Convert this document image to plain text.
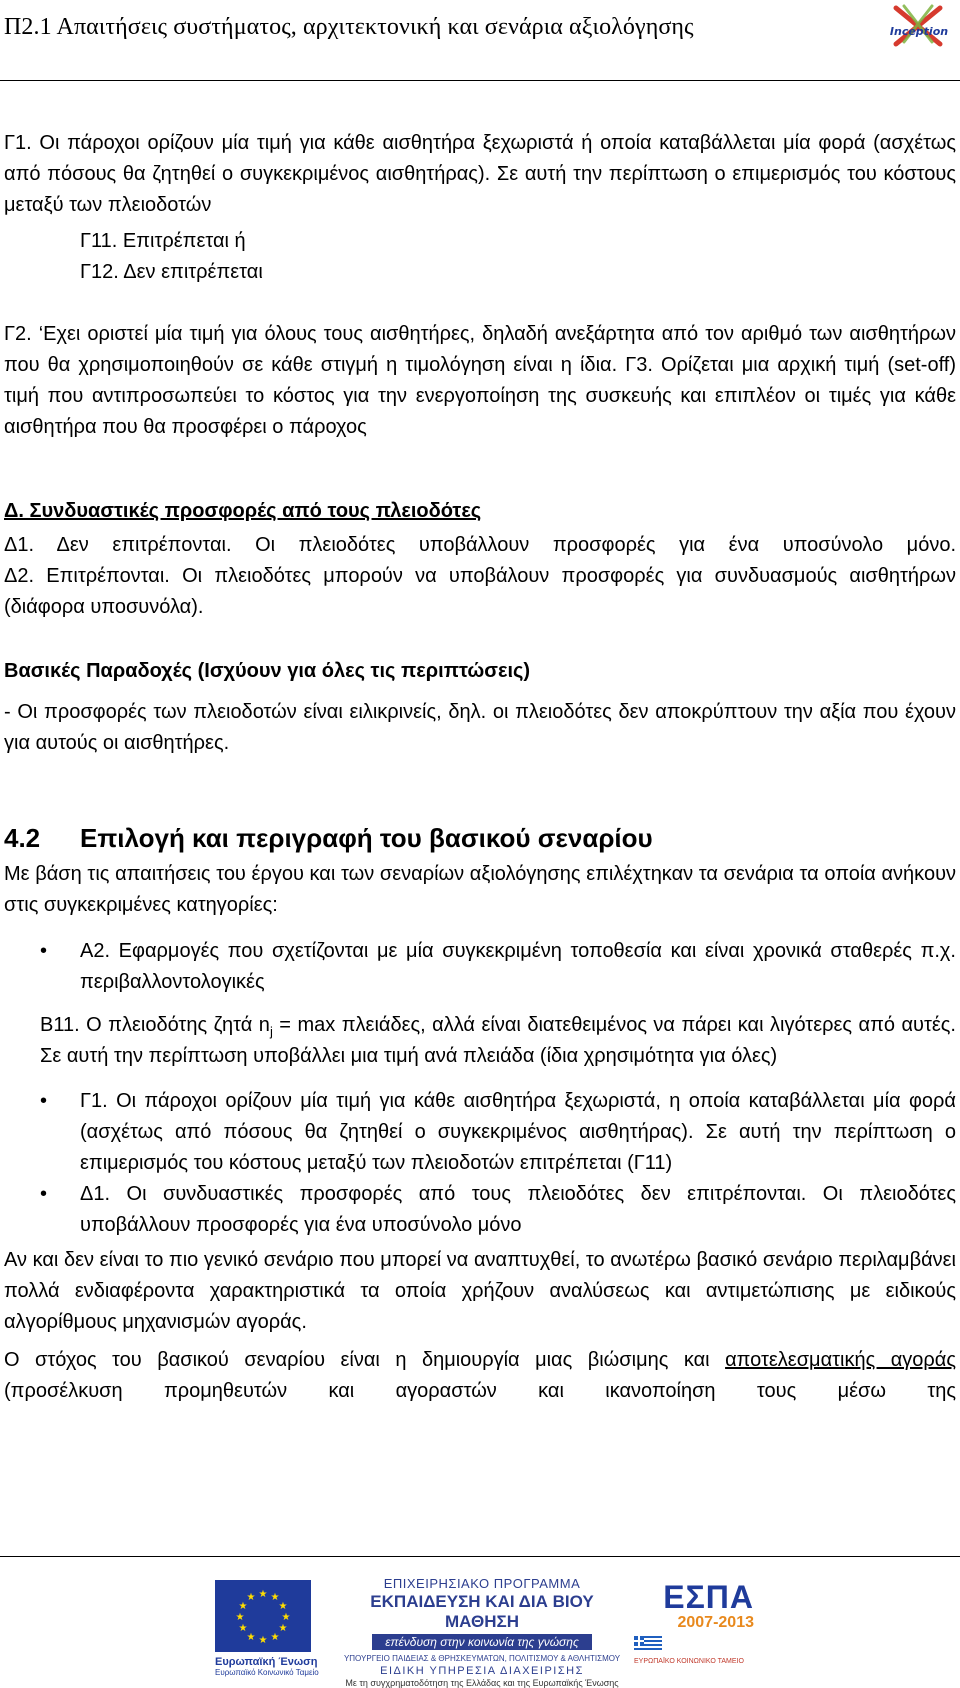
Π2.1 Απαιτήσεις συστήματος, αρχιτεκτονική και σενάρια αξιολόγησης	Inception

Γ1. Οι πάροχοι ορίζουν μία τιμή για κάθε αισθητήρα ξεχωριστά ή οποία καταβάλλεται μία φορά (ασχέτως από πόσους θα ζητηθεί ο συγκεκριμένος αισθητήρας). Σε αυτή την περίπτωση ο επιμερισμός του κόστους μεταξύ των πλειοδοτών

Γ11. Επιτρέπεται ή

Γ12. Δεν επιτρέπεται

Γ2. ‘Εχει οριστεί μία τιμή για όλους τους αισθητήρες, δηλαδή ανεξάρτητα από τον αριθμό των αισθητήρων που θα χρησιμοποιηθούν σε κάθε στιγμή η τιμολόγηση είναι η ίδια. Γ3. Ορίζεται μια αρχική τιμή (set-off) τιμή που αντιπροσωπεύει το κόστος για την ενεργοποίηση της συσκευής και επιπλέον οι τιμές για κάθε αισθητήρα που θα προσφέρει ο πάροχος

Δ. Συνδυαστικές προσφορές από τους πλειοδότες

Δ1. Δεν επιτρέπονται. Οι πλειοδότες υποβάλλουν προσφορές για ένα υποσύνολο μόνο.

Δ2. Επιτρέπονται. Οι πλειοδότες μπορούν να υποβάλουν προσφορές για συνδυασμούς αισθητήρων (διάφορα υποσυνόλα).

Βασικές Παραδοχές (Ισχύουν για όλες τις περιπτώσεις)

- Οι προσφορές των πλειοδοτών είναι ειλικρινείς, δηλ. οι πλειοδότες δεν αποκρύπτουν την αξία που έχουν για αυτούς οι αισθητήρες.

4.2 Επιλογή και περιγραφή του βασικού σεναρίου

Με βάση τις απαιτήσεις του έργου και των σεναρίων αξιολόγησης επιλέχτηκαν τα σενάρια τα οποία ανήκουν στις συγκεκριμένες κατηγορίες:

• A2. Εφαρμογές που σχετίζονται με μία συγκεκριμένη τοποθεσία και είναι χρονικά σταθερές π.χ. περιβαλλοντολογικές

B11. Ο πλειοδότης ζητά $n_j = \max \pi\lambda\varepsilon\iota ά\delta\varepsilon\varsigma$, αλλά είναι διατεθειμένος να πάρει και λιγότερες από αυτές. Σε αυτή την περίπτωση υποβάλλει μια τιμή ανά πλειάδα (ίδια χρησιμότητα για όλες)

• Γ1. Οι πάροχοι ορίζουν μία τιμή για κάθε αισθητήρα ξεχωριστά, η οποία καταβάλλεται μία φορά (ασχέτως από πόσους θα ζητηθεί ο συγκεκριμένος αισθητήρας). Σε αυτή την περίπτωση ο επιμερισμός του κόστους μεταξύ των πλειοδοτών επιτρέπεται (Γ11)

• Δ1. Οι συνδυαστικές προσφορές από τους πλειοδότες δεν επιτρέπονται. Οι πλειοδότες υποβάλλουν προσφορές για ένα υποσύνολο μόνο

Αν και δεν είναι το πιο γενικό σενάριο που μπορεί να αναπτυχθεί, το ανωτέρω βασικό σενάριο περιλαμβάνει πολλά ενδιαφέροντα χαρακτηριστικά τα οποία χρήζουν αναλύσεως και αντιμετώπισης με ειδικούς αλγορίθμους μηχανισμών αγοράς.

Ο στόχος του βασικού σεναρίου είναι η δημιουργία μιας βιώσιμης και αποτελεσματικής αγοράς (προσέλκυση προμηθευτών και αγοραστών και ικανοποίηση τους μέσω της

★ ★
★
★
★
★
★
★
★
★
★
★
Ευρωπαϊκή Ένωση
Ευρωπαϊκό Κοινωνικό Ταμείο
ΕΠΙΧΕΙΡΗΣΙΑΚΟ ΠΡΟΓΡΑΜΜΑ
ΕΚΠΑΙΔΕΥΣΗ ΚΑΙ ΔΙΑ ΒΙΟΥ ΜΑΘΗΣΗ
επένδυση στην κοινωνία της γνώσης
ΥΠΟΥΡΓΕΙΟ ΠΑΙΔΕΙΑΣ & ΘΡΗΣΚΕΥΜΑΤΩΝ, ΠΟΛΙΤΙΣΜΟΥ & ΑΘΛΗΤΙΣΜΟΥ
ΕΙΔΙΚΗ ΥΠΗΡΕΣΙΑ ΔΙΑΧΕΙΡΙΣΗΣ
Με τη συγχρηματοδότηση της Ελλάδας και της Ευρωπαϊκής Ένωσης
ΕΣΠΑ
2007-2013
ΕΥΡΩΠΑΪΚΟ ΚΟΙΝΩΝΙΚΟ ΤΑΜΕΙΟ
